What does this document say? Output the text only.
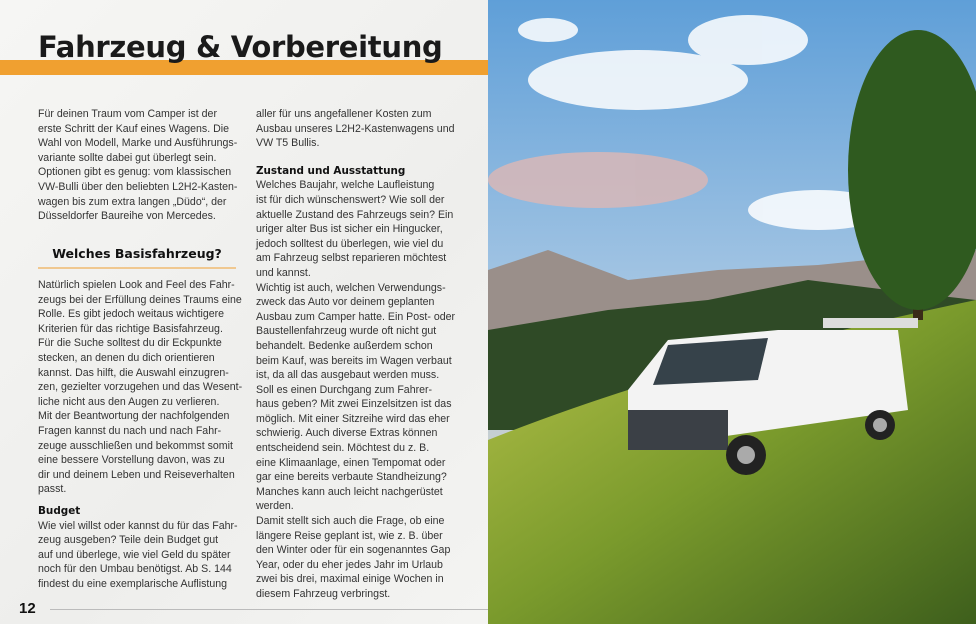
Fahrzeug & Vorbereitung
Für deinen Traum vom Camper ist der
erste Schritt der Kauf eines Wagens. Die
Wahl von Modell, Marke und Ausführungs-
variante sollte dabei gut überlegt sein.
Optionen gibt es genug: vom klassischen
VW-Bulli über den beliebten L2H2-Kasten-
wagen bis zum extra langen „Düdo“, der
Düsseldorfer Baureihe von Mercedes.
Welches Basisfahrzeug?
Natürlich spielen Look and Feel des Fahr-
zeugs bei der Erfüllung deines Traums eine
Rolle. Es gibt jedoch weitaus wichtigere
Kriterien für das richtige Basisfahrzeug.
Für die Suche solltest du dir Eckpunkte
stecken, an denen du dich orientieren
kannst. Das hilft, die Auswahl einzugren-
zen, gezielter vorzugehen und das Wesent-
liche nicht aus den Augen zu verlieren.
Mit der Beantwortung der nachfolgenden
Fragen kannst du nach und nach Fahr-
zeuge ausschließen und bekommst somit
eine bessere Vorstellung davon, was zu
dir und deinem Leben und Reiseverhalten
passt.
Budget
Wie viel willst oder kannst du für das Fahr-
zeug ausgeben? Teile dein Budget gut
auf und überlege, wie viel Geld du später
noch für den Umbau benötigst. Ab S. 144
findest du eine exemplarische Auflistung
aller für uns angefallener Kosten zum
Ausbau unseres L2H2-Kastenwagens und
VW T5 Bullis.
Zustand und Ausstattung
Welches Baujahr, welche Laufleistung
ist für dich wünschenswert? Wie soll der
aktuelle Zustand des Fahrzeugs sein? Ein
uriger alter Bus ist sicher ein Hingucker,
jedoch solltest du überlegen, wie viel du
am Fahrzeug selbst reparieren möchtest
und kannst.
Wichtig ist auch, welchen Verwendungs-
zweck das Auto vor deinem geplanten
Ausbau zum Camper hatte. Ein Post- oder
Baustellenfahrzeug wurde oft nicht gut
behandelt. Bedenke außerdem schon
beim Kauf, was bereits im Wagen verbaut
ist, da all das ausgebaut werden muss.
Soll es einen Durchgang zum Fahrer-
haus geben? Mit zwei Einzelsitzen ist das
möglich. Mit einer Sitzreihe wird das eher
schwierig. Auch diverse Extras können
entscheidend sein. Möchtest du z. B.
eine Klimaanlage, einen Tempomat oder
gar eine bereits verbaute Standheizung?
Manches kann auch leicht nachgerüstet
werden.
Damit stellt sich auch die Frage, ob eine
längere Reise geplant ist, wie z. B. über
den Winter oder für ein sogenanntes Gap
Year, oder du eher jedes Jahr im Urlaub
zwei bis drei, maximal einige Wochen in
diesem Fahrzeug verbringst.
12
